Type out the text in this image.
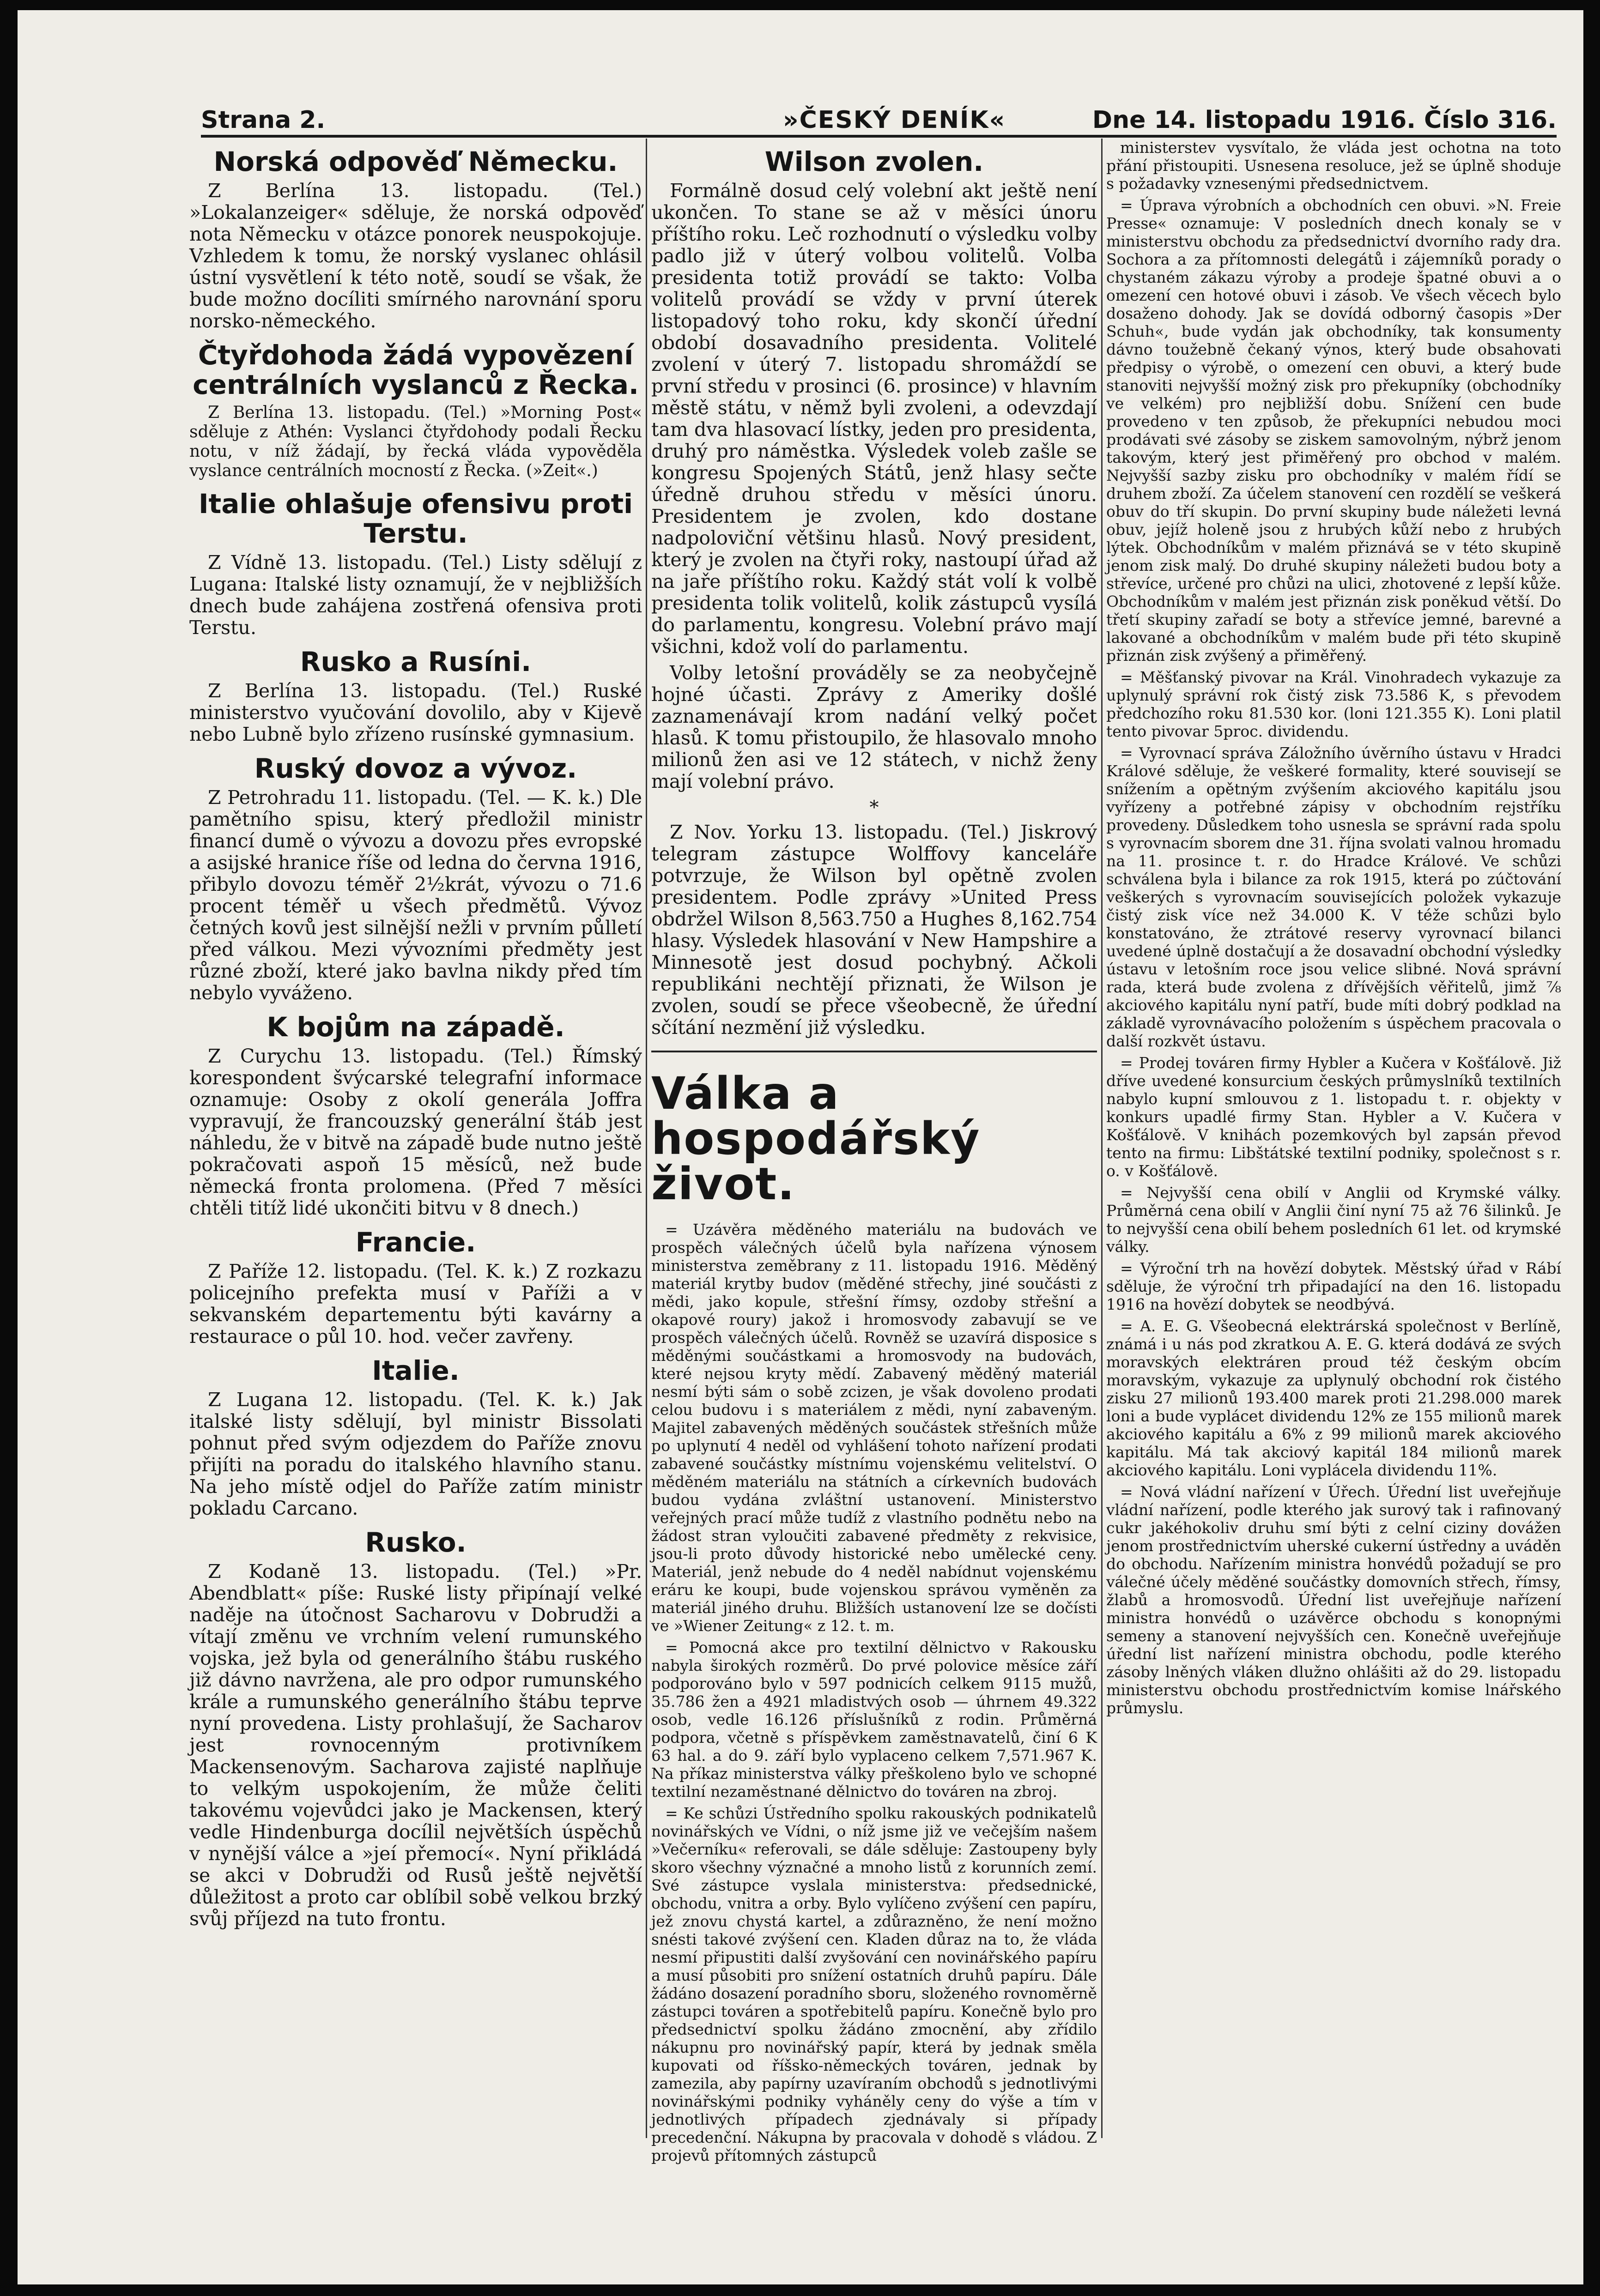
Strana 2.	»ČESKÝ DENÍK«	Dne 14. listopadu 1916. Číslo 316.
Norská odpověď Německu.

Z Berlína 13. listopadu. (Tel.) »Lokalanzeiger« sděluje, že norská odpověď nota Německu v otázce ponorek neuspokojuje. Vzhledem k tomu, že norský vyslanec ohlásil ústní vysvětlení k této notě, soudí se však, že bude možno docíliti smírného narovnání sporu norsko-německého.

Čtyřdohoda žádá vypovězení centrálních vyslanců z Řecka.

Z Berlína 13. listopadu. (Tel.) »Morning Post« sděluje z Athén: Vyslanci čtyřdohody podali Řecku notu, v níž žádají, by řecká vláda vypověděla vyslance centrálních mocností z Řecka. (»Zeit«.)

Italie ohlašuje ofensivu proti Terstu.

Z Vídně 13. listopadu. (Tel.) Listy sdělují z Lugana: Italské listy oznamují, že v nejbližších dnech bude zahájena zostřená ofensiva proti Terstu.

Rusko a Rusíni.

Z Berlína 13. listopadu. (Tel.) Ruské ministerstvo vyučování dovolilo, aby v Kijevě nebo Lubně bylo zřízeno rusínské gymnasium.

Ruský dovoz a vývoz.

Z Petrohradu 11. listopadu. (Tel. — K. k.) Dle pamětního spisu, který předložil ministr financí dumě o vývozu a dovozu přes evropské a asijské hranice říše od ledna do června 1916, přibylo dovozu téměř 2½krát, vývozu o 71.6 procent téměř u všech předmětů. Vývoz četných kovů jest silnější nežli v prvním půlletí před válkou. Mezi vývozními předměty jest různé zboží, které jako bavlna nikdy před tím nebylo vyváženo.

K bojům na západě.

Z Curychu 13. listopadu. (Tel.) Římský korespondent švýcarské telegrafní informace oznamuje: Osoby z okolí generála Joffra vypravují, že francouzský generální štáb jest náhledu, že v bitvě na západě bude nutno ještě pokračovati aspoň 15 měsíců, než bude německá fronta prolomena. (Před 7 měsíci chtěli titíž lidé ukončiti bitvu v 8 dnech.)

Francie.

Z Paříže 12. listopadu. (Tel. K. k.) Z rozkazu policejního prefekta musí v Paříži a v sekvanském departementu býti kavárny a restaurace o půl 10. hod. večer zavřeny.

Italie.

Z Lugana 12. listopadu. (Tel. K. k.) Jak italské listy sdělují, byl ministr Bissolati pohnut před svým odjezdem do Paříže znovu přijíti na poradu do italského hlavního stanu. Na jeho místě odjel do Paříže zatím ministr pokladu Carcano.

Rusko.

Z Kodaně 13. listopadu. (Tel.) »Pr. Abendblatt« píše: Ruské listy připínají velké naděje na útočnost Sacharovu v Dobrudži a vítají změnu ve vrchním velení rumunského vojska, jež byla od generálního štábu ruského již dávno navržena, ale pro odpor rumunského krále a rumunského generálního štábu teprve nyní provedena. Listy prohlašují, že Sacharov jest rovnocenným protivníkem Mackensenovým. Sacharova zajisté naplňuje to velkým uspokojením, že může čeliti takovému vojevůdci jako je Mackensen, který vedle Hindenburga docílil největších úspěchů v nynější válce a »jeí přemocí«. Nyní přikládá se akci v Dobrudži od Rusů ještě největší důležitost a proto car oblíbil sobě velkou brzký svůj příjezd na tuto frontu.

Wilson zvolen.

Formálně dosud celý volební akt ještě není ukončen. To stane se až v měsíci únoru příštího roku. Leč rozhodnutí o výsledku volby padlo již v úterý volbou volitelů. Volba presidenta totiž provádí se takto: Volba volitelů provádí se vždy v první úterek listopadový toho roku, kdy skončí úřední období dosavadního presidenta. Volitelé zvolení v úterý 7. listopadu shromáždí se první středu v prosinci (6. prosince) v hlavním městě státu, v němž byli zvoleni, a odevzdají tam dva hlasovací lístky, jeden pro presidenta, druhý pro náměstka. Výsledek voleb zašle se kongresu Spojených Států, jenž hlasy sečte úředně druhou středu v měsíci únoru. Presidentem je zvolen, kdo dostane nadpoloviční většinu hlasů. Nový president, který je zvolen na čtyři roky, nastoupí úřad až na jaře příštího roku. Každý stát volí k volbě presidenta tolik volitelů, kolik zástupců vysílá do parlamentu, kongresu. Volební právo mají všichni, kdož volí do parlamentu.

Volby letošní prováděly se za neobyčejně hojné účasti. Zprávy z Ameriky došlé zaznamenávají krom nadání velký počet hlasů. K tomu přistoupilo, že hlasovalo mnoho milionů žen asi ve 12 státech, v nichž ženy mají volební právo.

*

Z Nov. Yorku 13. listopadu. (Tel.) Jiskrový telegram zástupce Wolffovy kanceláře potvrzuje, že Wilson byl opětně zvolen presidentem. Podle zprávy »United Press obdržel Wilson 8,563.750 a Hughes 8,162.754 hlasy. Výsledek hlasování v New Hampshire a Minnesotě jest dosud pochybný. Ačkoli republikáni nechtějí přiznati, že Wilson je zvolen, soudí se přece všeobecně, že úřední sčítání nezmění již výsledku.

Válka a hospodářský život.

= Uzávěra měděného materiálu na budovách ve prospěch válečných účelů byla nařízena výnosem ministerstva zeměbrany z 11. listopadu 1916. Měděný materiál krytby budov (měděné střechy, jiné součásti z mědi, jako kopule, střešní římsy, ozdoby střešní a okapové roury) jakož i hromosvody zabavují se ve prospěch válečných účelů. Rovněž se uzavírá disposice s měděnými součástkami a hromosvody na budovách, které nejsou kryty mědí. Zabavený měděný materiál nesmí býti sám o sobě zcizen, je však dovoleno prodati celou budovu i s materiálem z mědi, nyní zabaveným. Majitel zabavených měděných součástek střešních může po uplynutí 4 neděl od vyhlášení tohoto nařízení prodati zabavené součástky místnímu vojenskému velitelství. O měděném materiálu na státních a církevních budovách budou vydána zvláštní ustanovení. Ministerstvo veřejných prací může tudíž z vlastního podnětu nebo na žádost stran vyloučiti zabavené předměty z rekvisice, jsou-li proto důvody historické nebo umělecké ceny. Materiál, jenž nebude do 4 neděl nabídnut vojenskému eráru ke koupi, bude vojenskou správou vyměněn za materiál jiného druhu. Bližších ustanovení lze se dočísti ve »Wiener Zeitung« z 12. t. m.

= Pomocná akce pro textilní dělnictvo v Rakousku nabyla širokých rozměrů. Do prvé polovice měsíce září podporováno bylo v 597 podnicích celkem 9115 mužů, 35.786 žen a 4921 mladistvých osob — úhrnem 49.322 osob, vedle 16.126 příslušníků z rodin. Průměrná podpora, včetně s příspěvkem zaměstnavatelů, činí 6 K 63 hal. a do 9. září bylo vyplaceno celkem 7,571.967 K. Na příkaz ministerstva války přeškoleno bylo ve schopné textilní nezaměstnané dělnictvo do továren na zbroj.

= Ke schůzi Ústředního spolku rakouských podnikatelů novinářských ve Vídni, o níž jsme již ve večejším našem »Večerníku« referovali, se dále sděluje: Zastoupeny byly skoro všechny význačné a mnoho listů z korunních zemí. Své zástupce vyslala ministerstva: předsednické, obchodu, vnitra a orby. Bylo vylíčeno zvýšení cen papíru, jež znovu chystá kartel, a zdůrazněno, že není možno snésti takové zvýšení cen. Kladen důraz na to, že vláda nesmí připustiti další zvyšování cen novinářského papíru a musí působiti pro snížení ostatních druhů papíru. Dále žádáno dosazení poradního sboru, složeného rovnoměrně zástupci továren a spotřebitelů papíru. Konečně bylo pro předsednictví spolku žádáno zmocnění, aby zřídilo nákupnu pro novinářský papír, která by jednak směla kupovati od říšsko-německých továren, jednak by zamezila, aby papírny uzavíraním obchodů s jednotlivými novinářskými podniky vyháněly ceny do výše a tím v jednotlivých případech zjednávaly si případy precedenční. Nákupna by pracovala v dohodě s vládou. Z projevů přítomných zástupců

ministerstev vysvítalo, že vláda jest ochotna na toto přání přistoupiti. Usnesena resoluce, jež se úplně shoduje s požadavky vznesenými předsednictvem.

= Úprava výrobních a obchodních cen obuvi. »N. Freie Presse« oznamuje: V posledních dnech konaly se v ministerstvu obchodu za předsednictví dvorního rady dra. Sochora a za přítomnosti delegátů i zájemníků porady o chystaném zákazu výroby a prodeje špatné obuvi a o omezení cen hotové obuvi i zásob. Ve všech věcech bylo dosaženo dohody. Jak se dovídá odborný časopis »Der Schuh«, bude vydán jak obchodníky, tak konsumenty dávno toužebně čekaný výnos, který bude obsahovati předpisy o výrobě, o omezení cen obuvi, a který bude stanoviti nejvyšší možný zisk pro překupníky (obchodníky ve velkém) pro nejbližší dobu. Snížení cen bude provedeno v ten způsob, že překupníci nebudou moci prodávati své zásoby se ziskem samovolným, nýbrž jenom takovým, který jest přiměřený pro obchod v malém. Nejvyšší sazby zisku pro obchodníky v malém řídí se druhem zboží. Za účelem stanovení cen rozdělí se veškerá obuv do tří skupin. Do první skupiny bude náležeti levná obuv, jejíž holeně jsou z hrubých kůží nebo z hrubých lýtek. Obchodníkům v malém přiznává se v této skupině jenom zisk malý. Do druhé skupiny náležeti budou boty a střevíce, určené pro chůzi na ulici, zhotovené z lepší kůže. Obchodníkům v malém jest přiznán zisk poněkud větší. Do třetí skupiny zařadí se boty a střevíce jemné, barevné a lakované a obchodníkům v malém bude při této skupině přiznán zisk zvýšený a přiměřený.

= Měšťanský pivovar na Král. Vinohradech vykazuje za uplynulý správní rok čistý zisk 73.586 K, s převodem předchozího roku 81.530 kor. (loni 121.355 K). Loni platil tento pivovar 5proc. dividendu.

= Vyrovnací správa Záložního úvěrního ústavu v Hradci Králové sděluje, že veškeré formality, které souvisejí se snížením a opětným zvýšením akciového kapitálu jsou vyřízeny a potřebné zápisy v obchodním rejstříku provedeny. Důsledkem toho usnesla se správní rada spolu s vyrovnacím sborem dne 31. října svolati valnou hromadu na 11. prosince t. r. do Hradce Králové. Ve schůzi schválena byla i bilance za rok 1915, která po zúčtování veškerých s vyrovnacím souvisejících položek vykazuje čistý zisk více než 34.000 K. V téže schůzi bylo konstatováno, že ztrátové reservy vyrovnací bilanci uvedené úplně dostačují a že dosavadní obchodní výsledky ústavu v letošním roce jsou velice slibné. Nová správní rada, která bude zvolena z dřívějších věřitelů, jimž ⅞ akciového kapitálu nyní patří, bude míti dobrý podklad na základě vyrovnávacího položením s úspěchem pracovala o další rozkvět ústavu.

= Prodej továren firmy Hybler a Kučera v Košťálově. Již dříve uvedené konsurcium českých průmyslníků textilních nabylo kupní smlouvou z 1. listopadu t. r. objekty v konkurs upadlé firmy Stan. Hybler a V. Kučera v Košťálově. V knihách pozemkových byl zapsán převod tento na firmu: Libštátské textilní podniky, společnost s r. o. v Košťálově.

= Nejvyšší cena obilí v Anglii od Krymské války. Průměrná cena obilí v Anglii činí nyní 75 až 76 šilinků. Je to nejvyšší cena obilí behem posledních 61 let. od krymské války.

= Výroční trh na hovězí dobytek. Městský úřad v Rábí sděluje, že výroční trh připadající na den 16. listopadu 1916 na hovězí dobytek se neodbývá.

= A. E. G. Všeobecná elektrárská společnost v Berlíně, známá i u nás pod zkratkou A. E. G. která dodává ze svých moravských elektráren proud též českým obcím moravským, vykazuje za uplynulý obchodní rok čistého zisku 27 milionů 193.400 marek proti 21.298.000 marek loni a bude vyplácet dividendu 12% ze 155 milionů marek akciového kapitálu a 6% z 99 milionů marek akciového kapitálu. Má tak akciový kapitál 184 milionů marek akciového kapitálu. Loni vyplácela dividendu 11%.

= Nová vládní nařízení v Úřech. Úřední list uveřejňuje vládní nařízení, podle kterého jak surový tak i rafinovaný cukr jakéhokoliv druhu smí býti z celní ciziny dovážen jenom prostřednictvím uherské cukerní ústředny a uváděn do obchodu. Nařízením ministra honvédů požadují se pro válečné účely měděné součástky domovních střech, římsy, žlabů a hromosvodů. Úřední list uveřejňuje nařízení ministra honvédů o uzávěrce obchodu s konopnými semeny a stanovení nejvyšších cen. Konečně uveřejňuje úřední list nařízení ministra obchodu, podle kterého zásoby lněných vláken dlužno ohlášiti až do 29. listopadu ministerstvu obchodu prostřednictvím komise lnářského průmyslu.
